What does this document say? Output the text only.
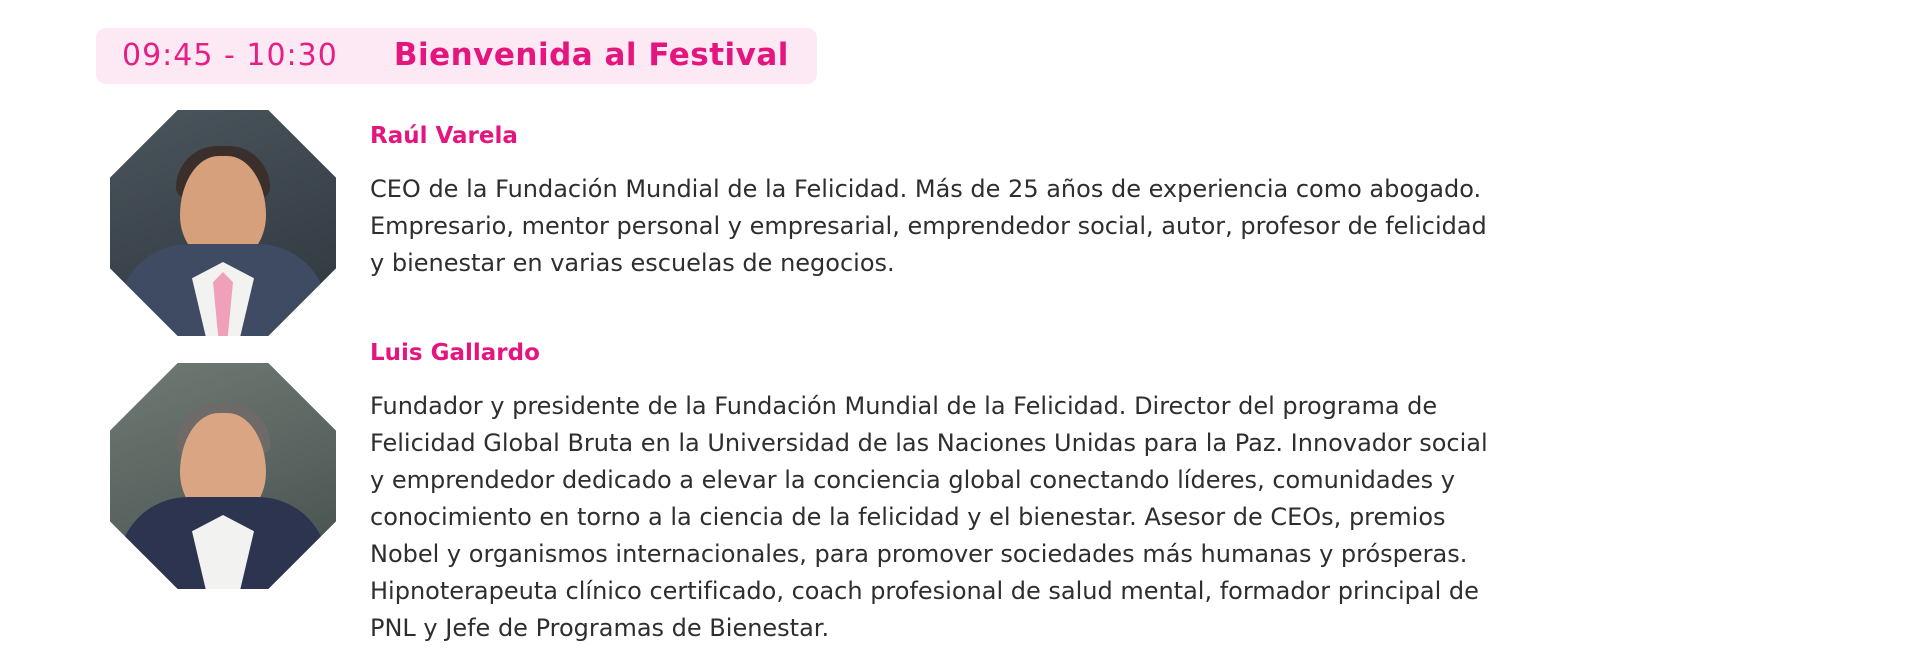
09:45 - 10:30 Bienvenida al Festival

Raúl Varela

CEO de la Fundación Mundial de la Felicidad. Más de 25 años de experiencia como abogado. Empresario, mentor personal y empresarial, emprendedor social, autor, profesor de felicidad y bienestar en varias escuelas de negocios.

Luis Gallardo

Fundador y presidente de la Fundación Mundial de la Felicidad. Director del programa de Felicidad Global Bruta en la Universidad de las Naciones Unidas para la Paz. Innovador social y emprendedor dedicado a elevar la conciencia global conectando líderes, comunidades y conocimiento en torno a la ciencia de la felicidad y el bienestar. Asesor de CEOs, premios Nobel y organismos internacionales, para promover sociedades más humanas y prósperas. Hipnoterapeuta clínico certificado, coach profesional de salud mental, formador principal de PNL y Jefe de Programas de Bienestar.
